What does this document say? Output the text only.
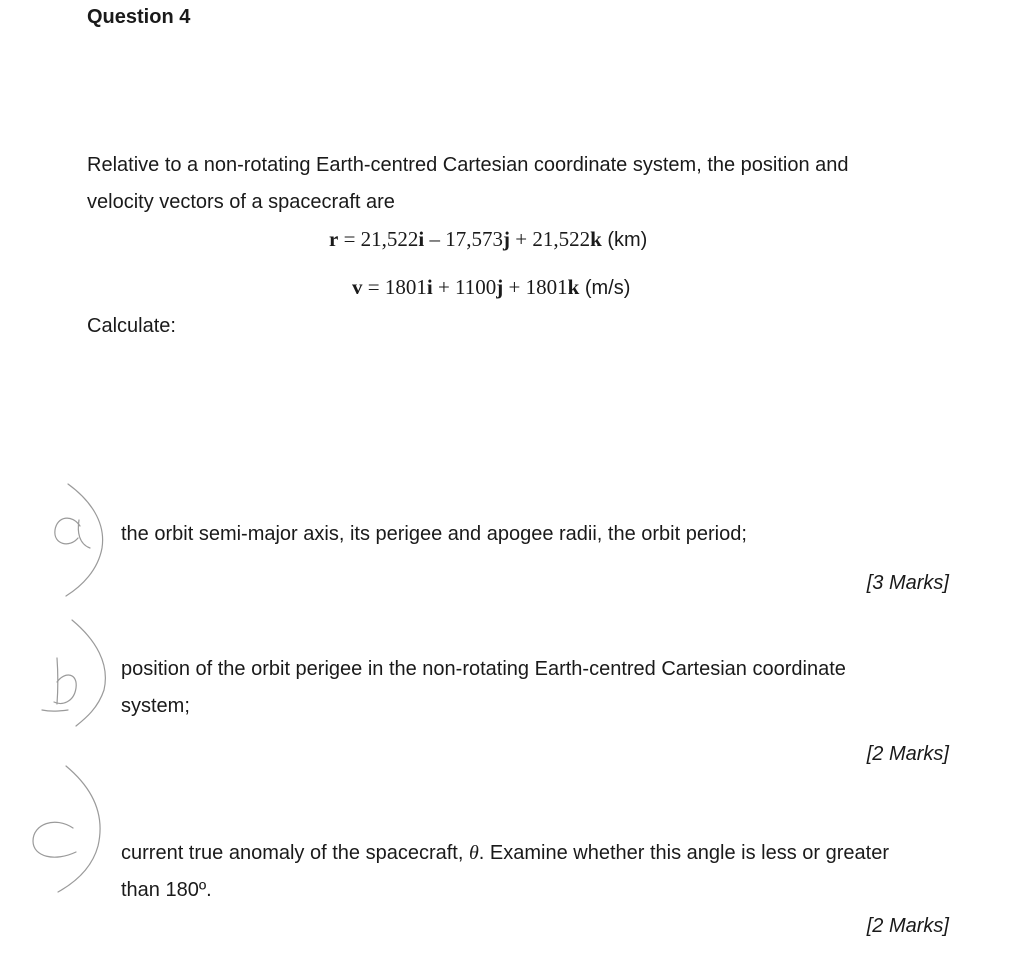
Question 4
Relative to a non-rotating Earth-centred Cartesian coordinate system, the position and
velocity vectors of a spacecraft are
r = 21,522i – 17,573j + 21,522k (km)
v = 1801i + 1100j + 1801k (m/s)
Calculate:
the orbit semi-major axis, its perigee and apogee radii, the orbit period;
[3 Marks]
position of the orbit perigee in the non-rotating Earth-centred Cartesian coordinate
system;
[2 Marks]
current true anomaly of the spacecraft, θ. Examine whether this angle is less or greater
than 180º.
[2 Marks]
